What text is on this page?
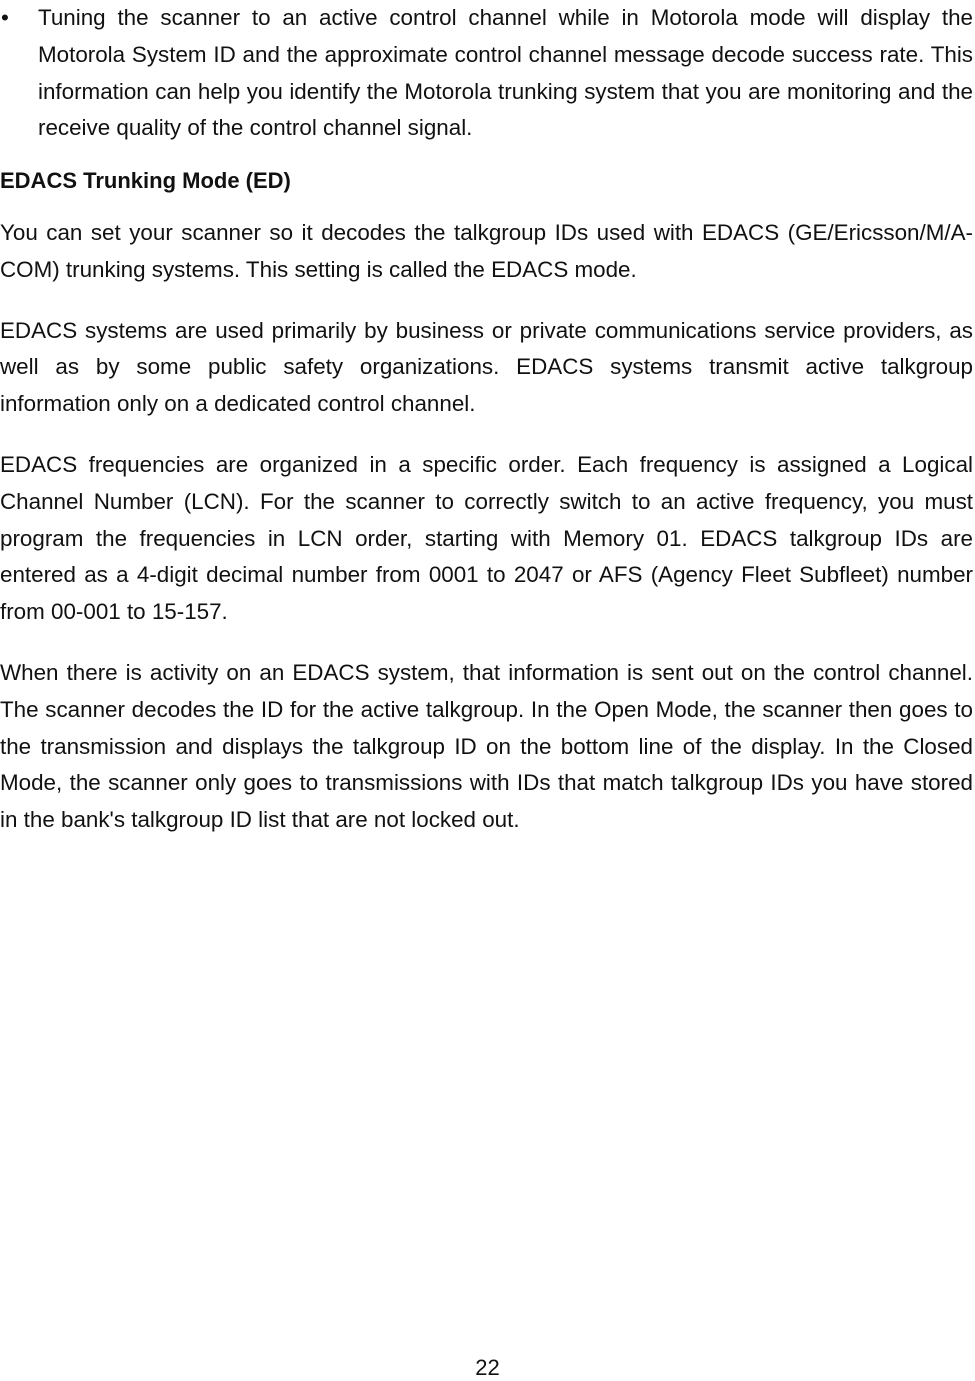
• Tuning the scanner to an active control channel while in Motorola mode will display the Motorola System ID and the approximate control channel message decode success rate. This information can help you identify the Motorola trunking system that you are monitoring and the receive quality of the control channel signal.

EDACS Trunking Mode (ED)

You can set your scanner so it decodes the talkgroup IDs used with EDACS (GE/Ericsson/M/A-COM) trunking systems. This setting is called the EDACS mode.

EDACS systems are used primarily by business or private communications service providers, as well as by some public safety organizations. EDACS systems transmit active talkgroup information only on a dedicated control channel.

EDACS frequencies are organized in a specific order. Each frequency is assigned a Logical Channel Number (LCN). For the scanner to correctly switch to an active frequency, you must program the frequencies in LCN order, starting with Memory 01. EDACS talkgroup IDs are entered as a 4-digit decimal number from 0001 to 2047 or AFS (Agency Fleet Subfleet) number from 00-001 to 15-157.

When there is activity on an EDACS system, that information is sent out on the control channel. The scanner decodes the ID for the active talkgroup. In the Open Mode, the scanner then goes to the transmission and displays the talkgroup ID on the bottom line of the display. In the Closed Mode, the scanner only goes to transmissions with IDs that match talkgroup IDs you have stored in the bank's talkgroup ID list that are not locked out.

22
